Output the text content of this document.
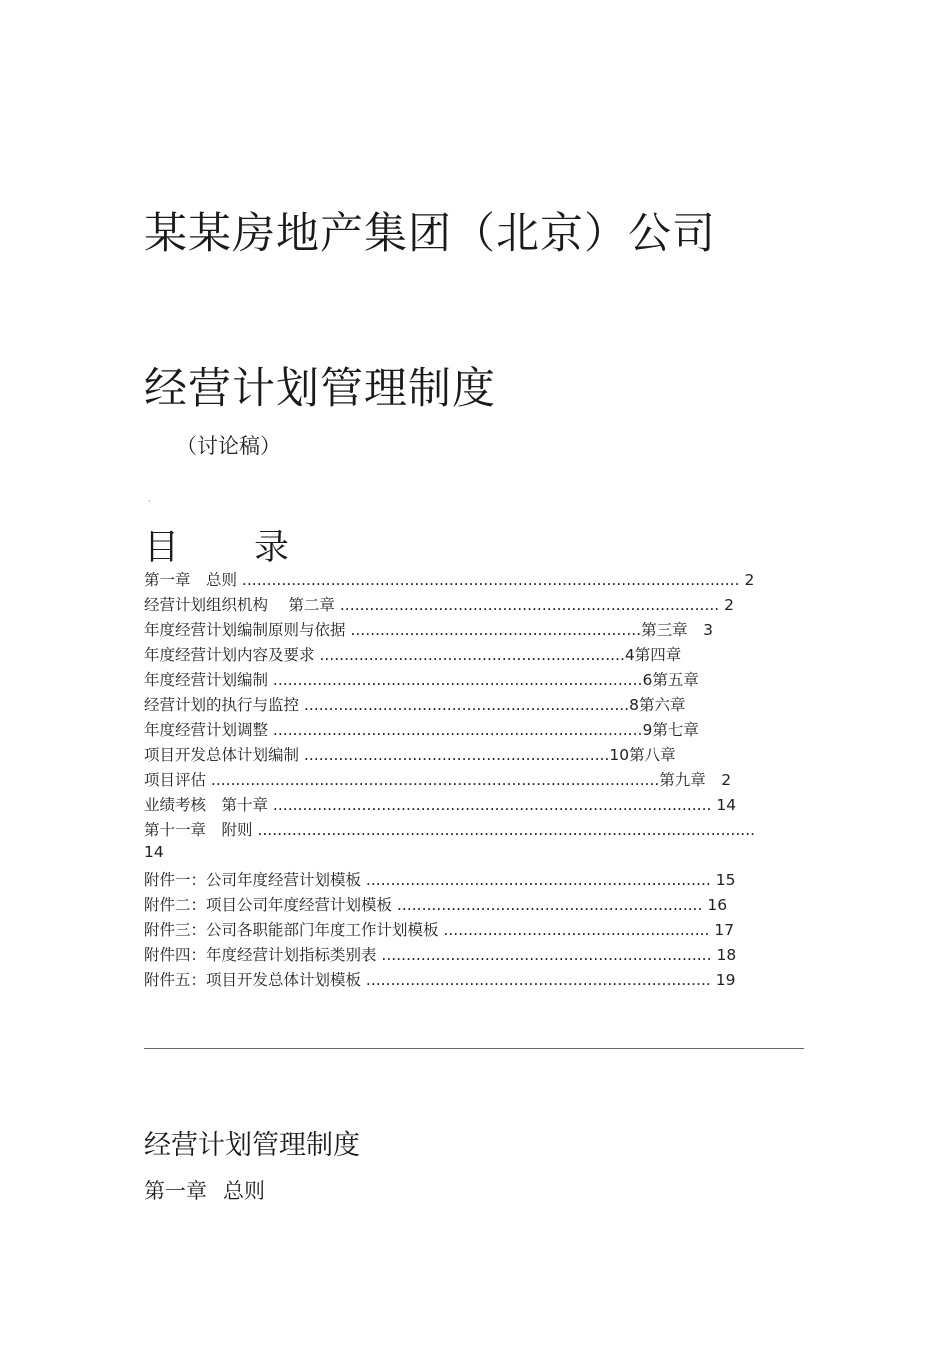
某某房地产集团（北京）公司
经营计划管理制度
（讨论稿）
·
目 录
第一章　总则 ..................................................................................................... 2
经营计划组织机构　 第二章 ............................................................................. 2
年度经营计划编制原则与依据 ...........................................................第三章　3
年度经营计划内容及要求 ..............................................................4第四章
年度经营计划编制 ...........................................................................6第五章
经营计划的执行与监控 ..................................................................8第六章
年度经营计划调整 ...........................................................................9第七章
项目开发总体计划编制 ..............................................................10第八章
项目评估 ...........................................................................................第九章　2
业绩考核　第十章 ......................................................................................... 14
第十一章　附则 .....................................................................................................
14
附件一：公司年度经营计划模板 ...................................................................... 15
附件二：项目公司年度经营计划模板 .............................................................. 16
附件三：公司各职能部门年度工作计划模板 ...................................................... 17
附件四：年度经营计划指标类别表 ................................................................... 18
附件五：项目开发总体计划模板 ...................................................................... 19
经营计划管理制度
第一章 总则
